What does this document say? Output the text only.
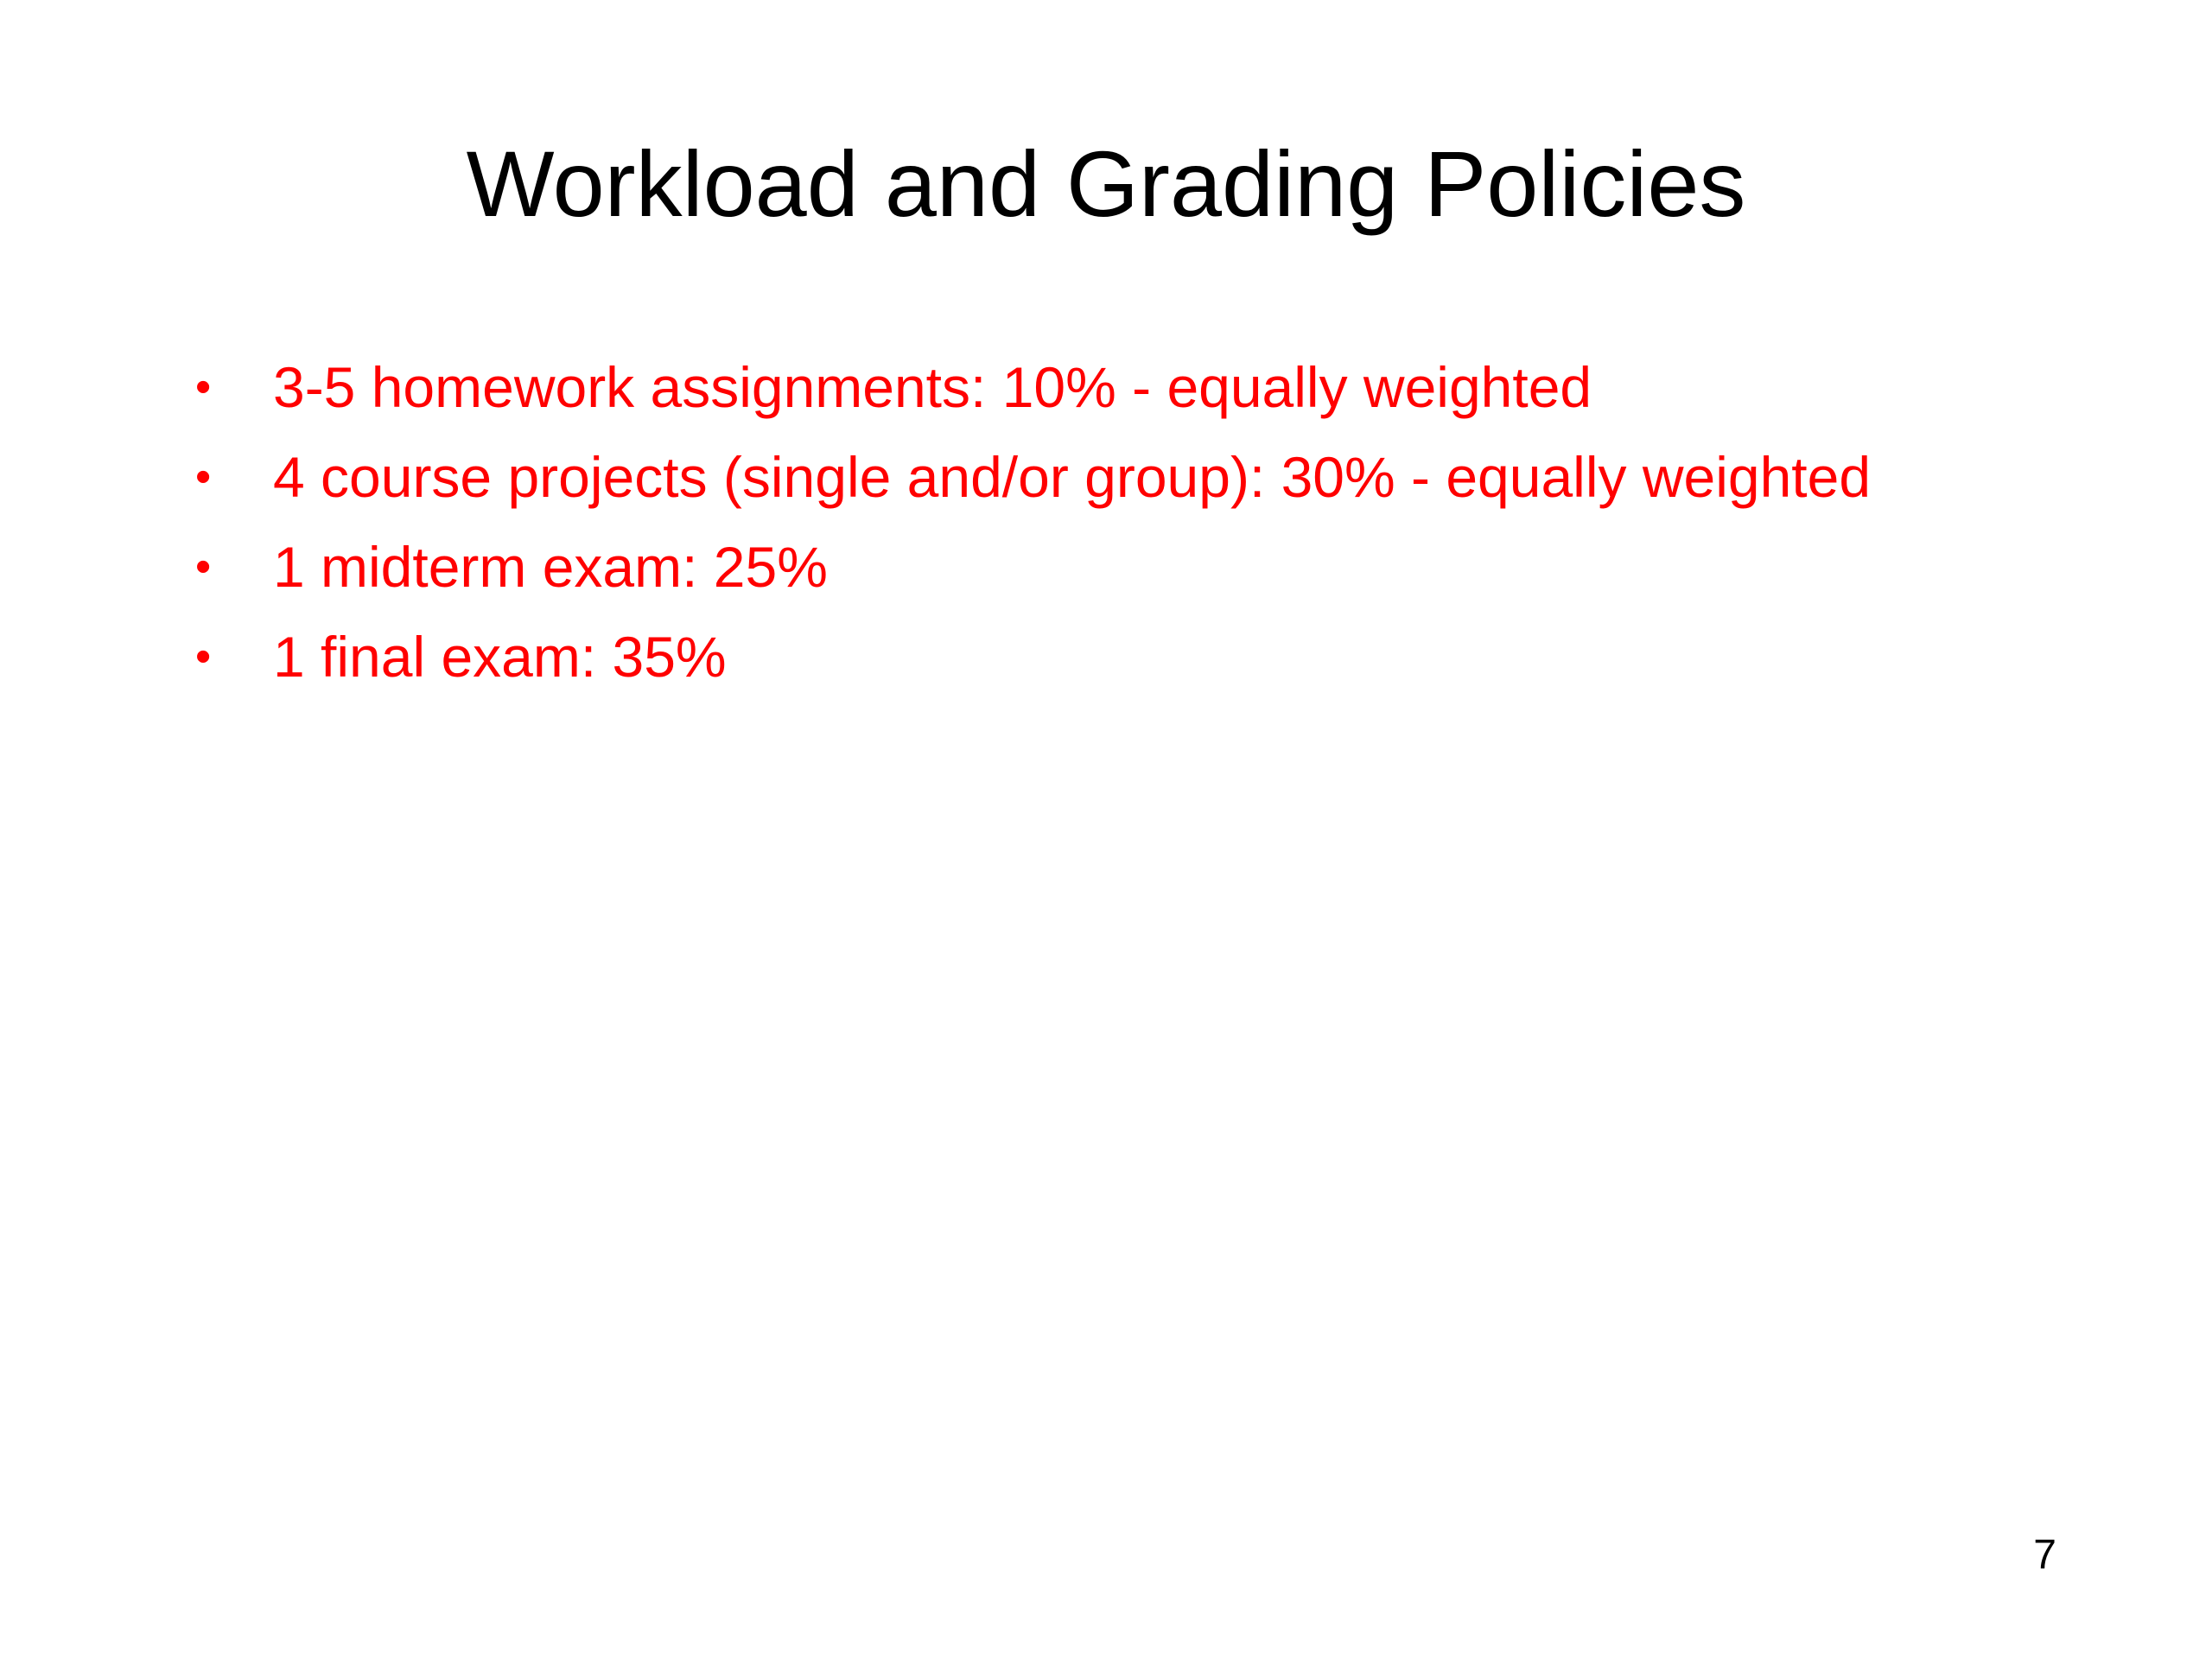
Workload and Grading Policies
• 3-5 homework assignments: 10% - equally weighted
• 4 course projects (single and/or group): 30% - equally weighted
• 1 midterm exam: 25%
• 1 final exam: 35%
7
